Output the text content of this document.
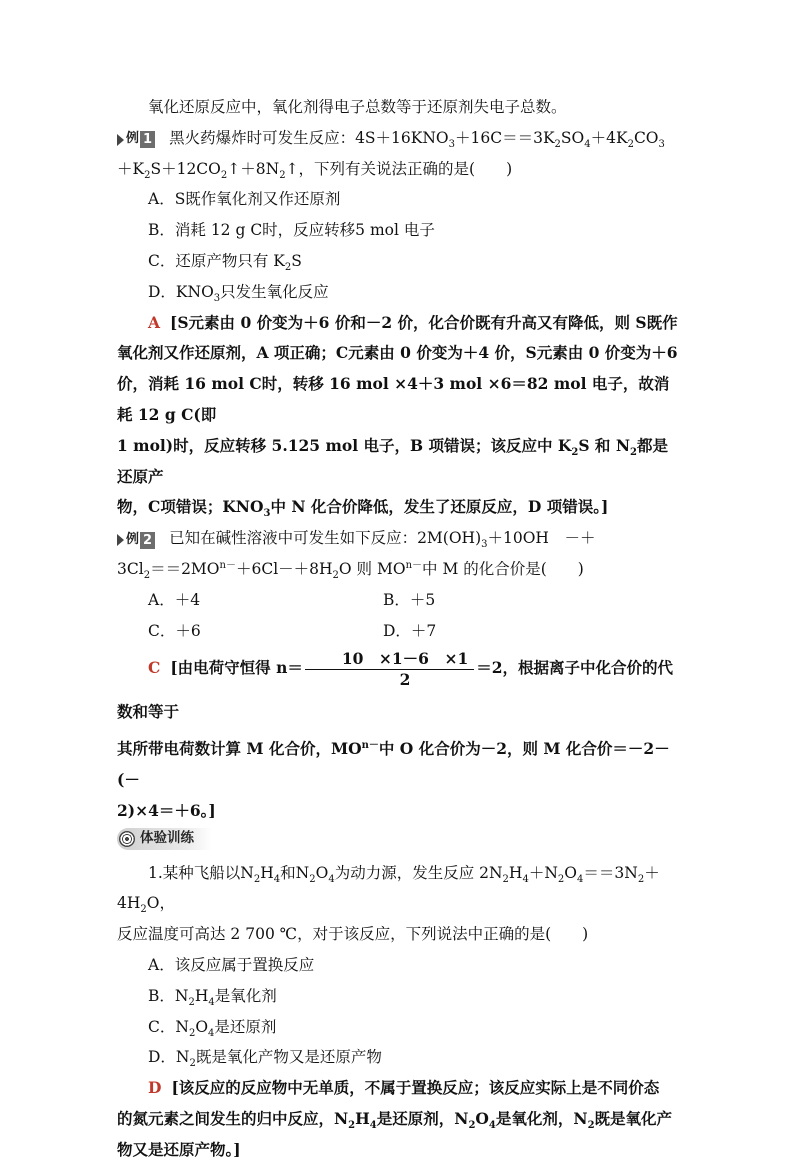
氧化还原反应中，氧化剂得电子总数等于还原剂失电子总数。

例 1 黑火药爆炸时可发生反应：$4S+16KNO_3+16C==3K_2SO_4+4K_2CO_3$

$+K_2S+12CO_2↑+8N_2↑$，下列有关说法正确的是(　　)

A．S既作氧化剂又作还原剂

B．消耗 12 g C时，反应转移5 mol 电子

C．还原产物只有 $K_2S$

D．$KNO_3$只发生氧化反应

A [S元素由 0 价变为＋6 价和－2 价，化合价既有升高又有降低，则 S既作

氧化剂又作还原剂，A 项正确；C元素由 0 价变为＋4 价，S元素由 0 价变为＋6

价，消耗 16 mol C时，转移 16 mol ×4＋3 mol ×6＝82 mol 电子，故消耗 12 g C(即

1 mol)时，反应转移 5.125 mol 电子，B 项错误；该反应中 $K_2S$ 和 $N_2$都是还原产

物，C项错误；$KNO_3$中 N 化合价降低，发生了还原反应，D 项错误。]

例 2 已知在碱性溶液中可发生如下反应：$2M(OH)_3+10OH$　－＋

$3Cl_2==2MO^{n-}+6Cl-+8H_2O$ 则 $MO^{n-}$中 M 的化合价是(　　)

A．＋4	B．＋5
C．＋6	D．＋7

C [由电荷守恒得 $n= \frac{10 \times 1-6 \times 1}{2} =2$，根据离子中化合价的代数和等于

其所带电荷数计算 M 化合价，$MO^{n-}$中 O 化合价为－2，则 M 化合价＝－2－(－

2)×4＝＋6。]

体验训练

1.某种飞船以$N_2H_4$和$N_2O_4$为动力源，发生反应 $2N_2H_4+N_2O_4==3N_2+4H_2O$，

反应温度可高达 2 700 ℃，对于该反应，下列说法中正确的是(　　)

A．该反应属于置换反应

B．$N_2H_4$是氧化剂

C．$N_2O_4$是还原剂

D．$N_2$既是氧化产物又是还原产物

D [该反应的反应物中无单质，不属于置换反应；该反应实际上是不同价态

的氮元素之间发生的归中反应，$N_2H_4$是还原剂，$N_2O_4$是氧化剂，$N_2$既是氧化产

物又是还原产物。]
